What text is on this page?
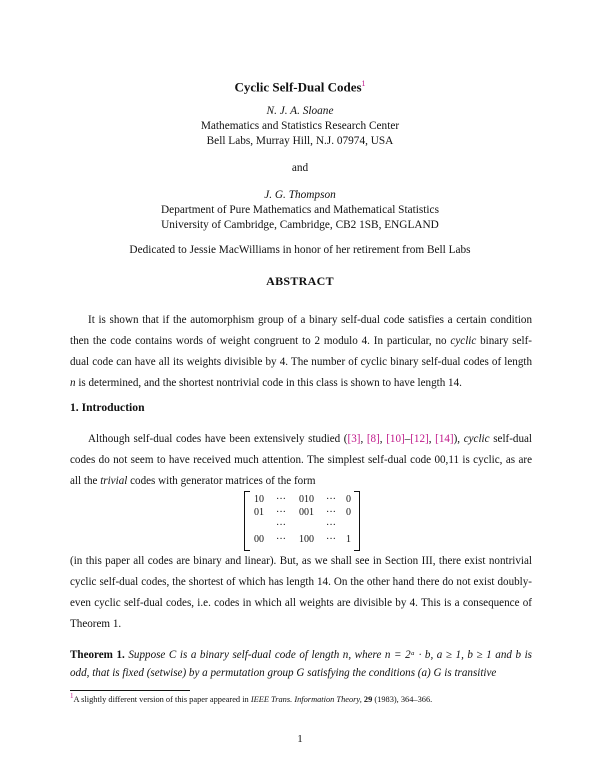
Cyclic Self-Dual Codes$^1$
N. J. A. Sloane
Mathematics and Statistics Research Center
Bell Labs, Murray Hill, N.J. 07974, USA
and
J. G. Thompson
Department of Pure Mathematics and Mathematical Statistics
University of Cambridge, Cambridge, CB2 1SB, ENGLAND
Dedicated to Jessie MacWilliams in honor of her retirement from Bell Labs
ABSTRACT
It is shown that if the automorphism group of a binary self-dual code satisfies a certain condition then the code contains words of weight congruent to 2 modulo 4. In particular, no cyclic binary self-dual code can have all its weights divisible by 4. The number of cyclic binary self-dual codes of length n is determined, and the shortest nontrivial code in this class is shown to have length 14.
1. Introduction
Although self-dual codes have been extensively studied ([3], [8], [10]–[12], [14]), cyclic self-dual codes do not seem to have received much attention. The simplest self-dual code 00,11 is cyclic, as are all the trivial codes with generator matrices of the form
10 ··· 010 ··· 0
01 ··· 001 ··· 0
···	···
00 ··· 100 ··· 1
(in this paper all codes are binary and linear). But, as we shall see in Section III, there exist nontrivial cyclic self-dual codes, the shortest of which has length 14. On the other hand there do not exist doubly-even cyclic self-dual codes, i.e. codes in which all weights are divisible by 4. This is a consequence of Theorem 1.
Theorem 1. Suppose C is a binary self-dual code of length n, where n = 2ᵃ · b, a ≥ 1, b ≥ 1 and b is odd, that is fixed (setwise) by a permutation group G satisfying the conditions (a) G is transitive
$^1$A slightly different version of this paper appeared in IEEE Trans. Information Theory, 29 (1983), 364–366.
1
